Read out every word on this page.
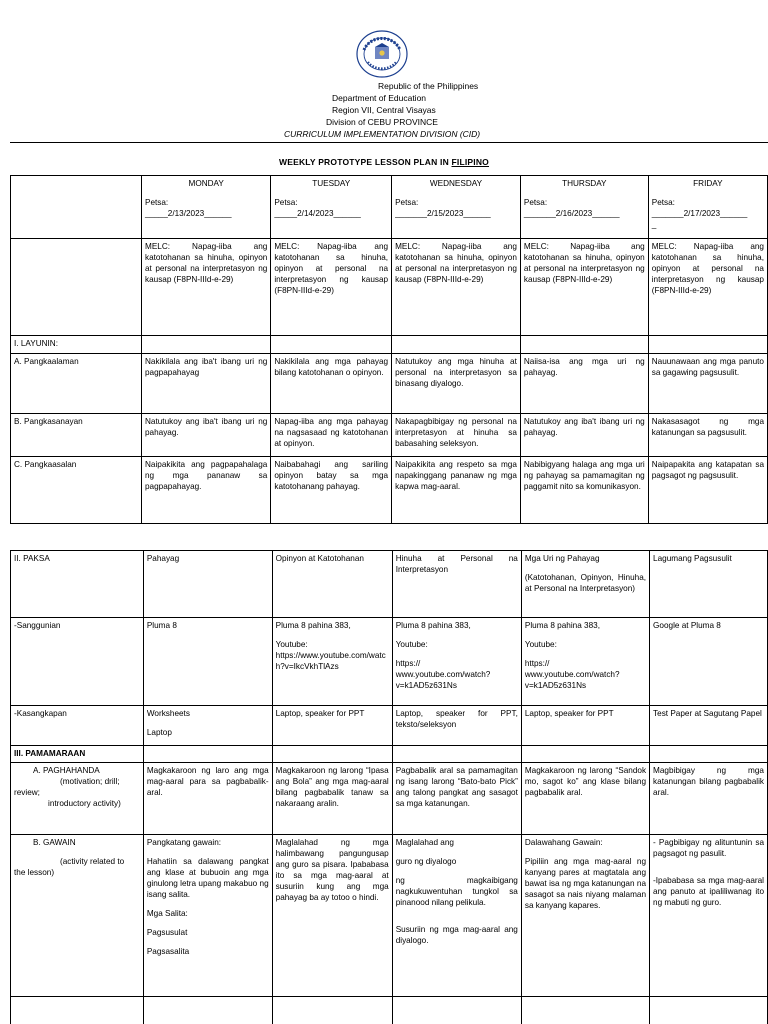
Republic of the Philippines
Department of Education
Region VII, Central Visayas
Division of CEBU PROVINCE
CURRICULUM IMPLEMENTATION DIVISION (CID)
WEEKLY PROTOTYPE LESSON PLAN IN FILIPINO

	MONDAY
Petsa:
_____2/13/2023______	TUESDAY
Petsa:
_____2/14/2023______	WEDNESDAY
Petsa:
_______2/15/2023______	THURSDAY
Petsa:
_______2/16/2023______	FRIDAY
Petsa:
_______2/17/2023______
_

	MELC: Napag-iiba ang katotohanan sa hinuha, opinyon at personal na interpretasyon ng kausap (F8PN-IIId-e-29)	MELC: Napag-iiba ang katotohanan sa hinuha, opinyon at personal na interpretasyon ng kausap (F8PN-IIId-e-29)	MELC: Napag-iiba ang katotohanan sa hinuha, opinyon at personal na interpretasyon ng kausap (F8PN-IIId-e-29)	MELC: Napag-iiba ang katotohanan sa hinuha, opinyon at personal na interpretasyon ng kausap (F8PN-IIId-e-29)	MELC: Napag-iiba ang katotohanan sa hinuha, opinyon at personal na interpretasyon ng kausap (F8PN-IIId-e-29)
I. LAYUNIN:					
A. Pangkaalaman	Nakikilala ang iba't ibang uri ng pagpapahayag	Nakikilala ang mga pahayag bilang katotohanan o opinyon.	Natutukoy ang mga hinuha at personal na interpretasyon sa binasang diyalogo.	Naiisa-isa ang mga uri ng pahayag.	Nauunawaan ang mga panuto sa gagawing pagsusulit.
B. Pangkasanayan	Natutukoy ang iba't ibang uri ng pahayag.	Napag-iiba ang mga pahayag na nagsasaad ng katotohanan at opinyon.	Nakapagbibigay ng personal na interpretasyon at hinuha sa babasahing seleksyon.	Natutukoy ang iba't ibang uri ng pahayag.	Nakasasagot ng mga katanungan sa pagsusulit.
C. Pangkaasalan	Naipakikita ang pagpapahalaga ng mga pananaw sa pagpapahayag.	Naibabahagi ang sariling opinyon batay sa mga katotohanang pahayag.	Naipakikita ang respeto sa mga napakinggang pananaw ng mga kapwa mag-aaral.	Nabibigyang halaga ang mga uri ng pahayag sa pamamagitan ng paggamit nito sa komunikasyon.	Naipapakita ang katapatan sa pagsagot ng pagsusulit.
II. PAKSA	Pahayag	Opinyon at Katotohanan	Hinuha at Personal na Interpretasyon	Mga Uri ng Pahayag
(Katotohanan, Opinyon, Hinuha, at Personal na Interpretasyon)	Lagumang Pagsusulit
-Sanggunian	Pluma 8	Pluma 8 pahina 383,
Youtube:
https://www.youtube.com/watch?v=IkcVkhTlAzs	Pluma 8 pahina 383,
Youtube:
https://
www.youtube.com/watch?
v=k1AD5z631Ns	Pluma 8 pahina 383,
Youtube:
https://
www.youtube.com/watch?
v=k1AD5z631Ns	Google at Pluma 8
-Kasangkapan	Worksheets
Laptop	Laptop, speaker for PPT	Laptop, speaker for PPT, teksto/seleksyon	Laptop, speaker for PPT	Test Paper at Sagutang Papel
III. PAMAMARAAN					

A. PAGHAHANDA
(motivation; drill;
review;
introductory activity)	Magkakaroon ng laro ang mga mag-aaral para sa pagbabalik-aral.	Magkakaroon ng larong “Ipasa ang Bola” ang mga mag-aaral bilang pagbabalik tanaw sa nakaraang aralin.	Pagbabalik aral sa pamamagitan ng isang larong “Bato-bato Pick” ang talong pangkat ang sasagot sa mga katanungan.	Magkakaroon ng larong “Sandok mo, sagot ko” ang klase bilang pagbabalik aral.	Magbibigay ng mga katanungan bilang pagbabalik aral.

B. GAWAIN
(activity related to
the lesson)	Pangkatang gawain:
Hahatiin sa dalawang pangkat ang klase at bubuoin ang mga ginulong letra upang makabuo ng isang salita.
Mga Salita:
Pagsusulat
Pagsasalita	Maglalahad ng mga halimbawang pangungusap ang guro sa pisara. Ipababasa ito sa mga mag-aaral at susuriin kung ang mga pahayag ba ay totoo o hindi.	Maglalahad ang
guro ng diyalogo
ng magkaibigang nagkukuwentuhan tungkol sa pinanood nilang pelikula.
Susuriin ng mga mag-aaral ang diyalogo.	Dalawahang Gawain:
Pipiliin ang mga mag-aaral ng kanyang pares at magtatala ang bawat isa ng mga katanungan na sasagot sa nais niyang malaman sa kanyang kapares.	- Pagbibigay ng alituntunin sa pagsagot ng pasulit.
-Ipababasa sa mga mag-aaral ang panuto at ipaliliwanag ito ng mabuti ng guro.
